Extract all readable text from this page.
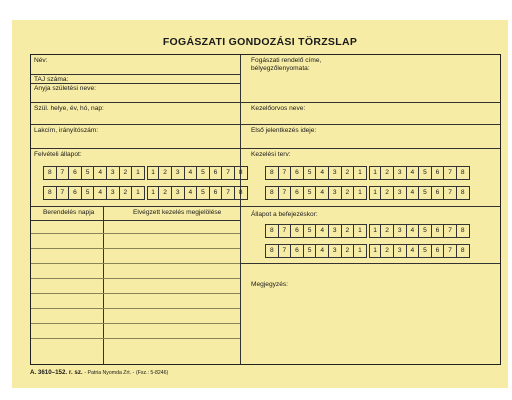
FOGÁSZATI GONDOZÁSI TÖRZSLAP
Név:
TAJ száma:
Anyja születési neve:
Szül. helye, év, hó, nap:
Lakcím, irányítószám:
Fogászati rendelő címe,
bélyegzőlenyomata:
Kezelőorvos neve:
Első jelentkezés ideje:
Felvételi állapot:
8	7	6	5	4	3	2	1	1	2	3	4	5	6	7	8
8	7	6	5	4	3	2	1	1	2	3	4	5	6	7	8
Kezelési terv:
8	7	6	5	4	3	2	1	1	2	3	4	5	6	7	8
8	7	6	5	4	3	2	1	1	2	3	4	5	6	7	8
Berendelés napja	Elvégzett kezelés megjelölése	Állapot a befejezéskor:
8	7	6	5	4	3	2	1	1	2	3	4	5	6	7	8
8	7	6	5	4	3	2	1	1	2	3	4	5	6	7	8
Megjegyzés:
A. 3610–152. r. sz. - Patria Nyomda Zrt. - (Fsz.: 5-8246)
